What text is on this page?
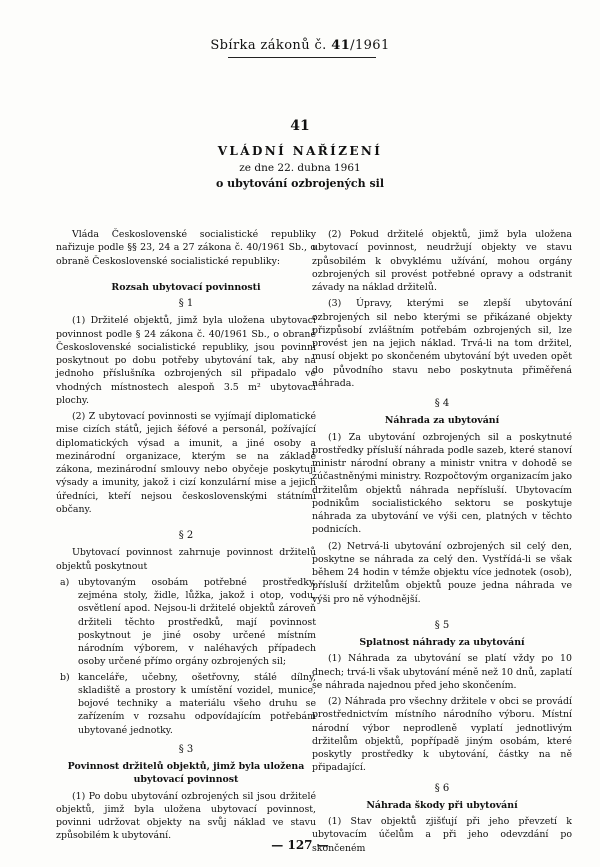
Sbírka zákonů č. 41/1961
41
VLÁDNÍ NAŘÍZENÍ
ze dne 22. dubna 1961
o ubytování ozbrojených sil

Vláda Československé socialistické republiky nařizuje podle §§ 23, 24 a 27 zákona č. 40/1961 Sb., o obraně Československé socialistické republiky:

Rozsah ubytovací povinnosti
§ 1

(1) Držitelé objektů, jimž byla uložena ubytovací povinnost podle § 24 zákona č. 40/1961 Sb., o obraně Československé socialistické republiky, jsou povinni poskytnout po dobu potřeby ubytování tak, aby na jednoho příslušníka ozbrojených sil připadalo ve vhodných místnostech alespoň 3.5 m² ubytovací plochy.

(2) Z ubytovací povinnosti se vyjímají diplomatické mise cizích států, jejich šéfové a personál, požívající diplomatických výsad a imunit, a jiné osoby a mezinárodní organizace, kterým se na základě zákona, mezinárodní smlouvy nebo obyčeje poskytují výsady a imunity, jakož i cizí konzulární mise a jejich úředníci, kteří nejsou československými státními občany.

§ 2

Ubytovací povinnost zahrnuje povinnost držitelů objektů poskytnout

a) ubytovaným osobám potřebné prostředky, zejména stoly, židle, lůžka, jakož i otop, vodu, osvětlení apod. Nejsou-li držitelé objektů zároveň držiteli těchto prostředků, mají povinnost poskytnout je jiné osoby určené místním národním výborem, v naléhavých případech osoby určené přímo orgány ozbrojených sil;
b) kanceláře, učebny, ošetřovny, stálé dílny, skladiště a prostory k umístění vozidel, munice, bojové techniky a materiálu všeho druhu se zařízením v rozsahu odpovídajícím potřebám ubytované jednotky.
§ 3
Povinnost držitelů objektů, jimž byla uložena ubytovací povinnost

(1) Po dobu ubytování ozbrojených sil jsou držitelé objektů, jimž byla uložena ubytovací povinnost, povinni udržovat objekty na svůj náklad ve stavu způsobilém k ubytování.

(2) Pokud držitelé objektů, jimž byla uložena ubytovací povinnost, neudržují objekty ve stavu způsobilém k obvyklému užívání, mohou orgány ozbrojených sil provést potřebné opravy a odstranit závady na náklad držitelů.

(3) Úpravy, kterými se zlepší ubytování ozbrojených sil nebo kterými se přikázané objekty přizpůsobí zvláštním potřebám ozbrojených sil, lze provést jen na jejich náklad. Trvá-li na tom držitel, musí objekt po skončeném ubytování být uveden opět do původního stavu nebo poskytnuta přiměřená náhrada.

§ 4
Náhrada za ubytování

(1) Za ubytování ozbrojených sil a poskytnuté prostředky přísluší náhrada podle sazeb, které stanoví ministr národní obrany a ministr vnitra v dohodě se zúčastněnými ministry. Rozpočtovým organizacím jako držitelům objektů náhrada nepřísluší. Ubytovacím podnikům socialistického sektoru se poskytuje náhrada za ubytování ve výši cen, platných v těchto podnicích.

(2) Netrvá-li ubytování ozbrojených sil celý den, poskytne se náhrada za celý den. Vystřídá-li se však během 24 hodin v témže objektu více jednotek (osob), přísluší držitelům objektů pouze jedna náhrada ve výši pro ně výhodnější.

§ 5
Splatnost náhrady za ubytování

(1) Náhrada za ubytování se platí vždy po 10 dnech; trvá-li však ubytování méně než 10 dnů, zaplatí se náhrada najednou před jeho skončením.

(2) Náhrada pro všechny držitele v obci se provádí prostřednictvím místního národního výboru. Místní národní výbor neprodleně vyplatí jednotlivým držitelům objektů, popřípadě jiným osobám, které poskytly prostředky k ubytování, částky na ně připadající.

§ 6
Náhrada škody při ubytování

(1) Stav objektů zjišťují při jeho převzetí k ubytovacím účelům a při jeho odevzdání po skončeném

— 127 —
